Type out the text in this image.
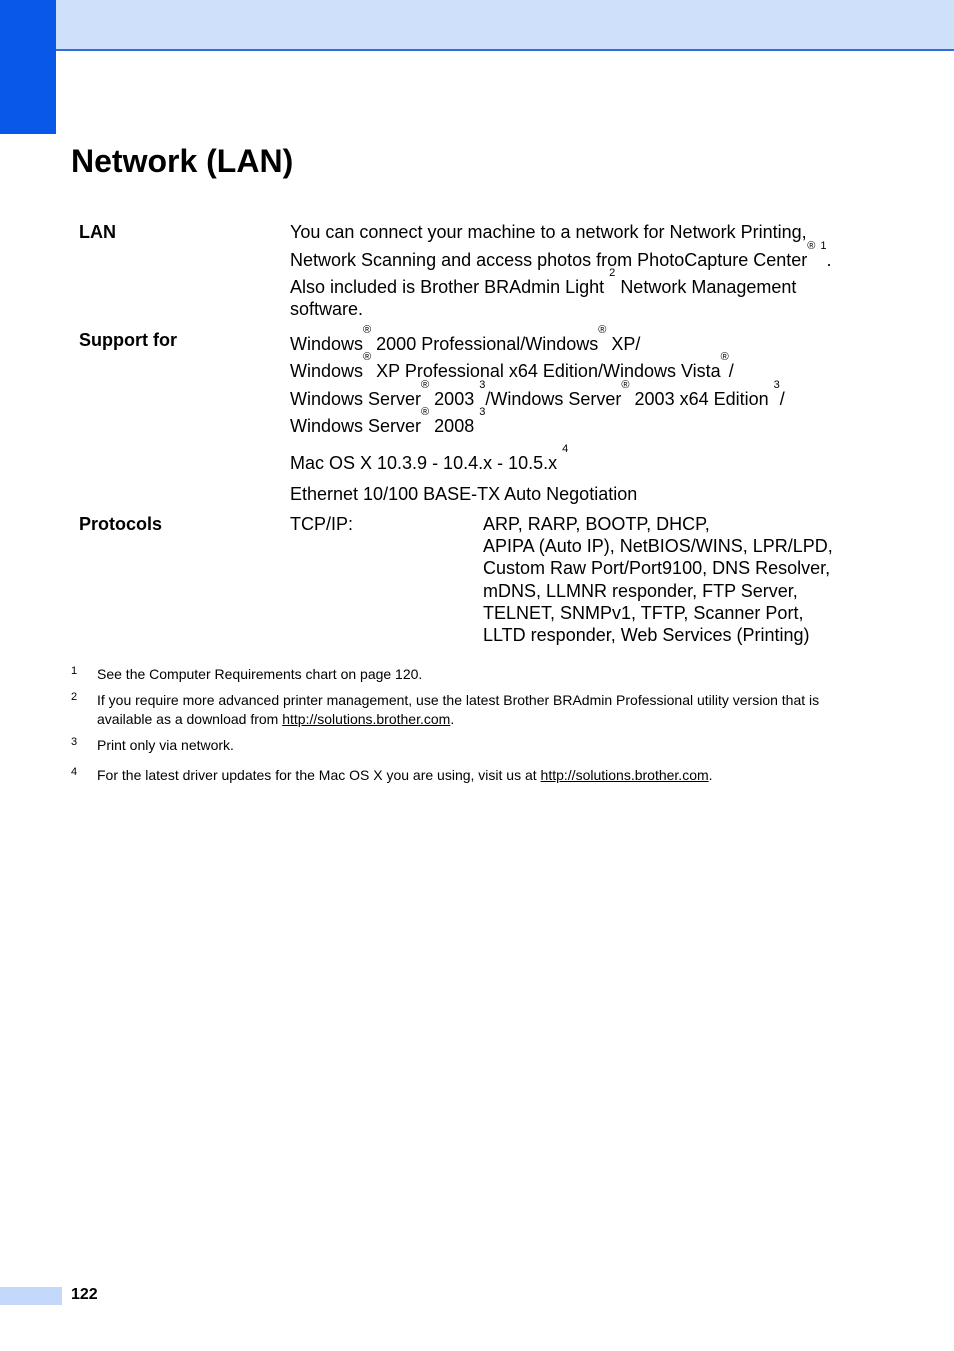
Network (LAN)
LAN	You can connect your machine to a network for Network Printing,
Network Scanning and access photos from PhotoCapture Center® $^1$.
Also included is Brother BRAdmin Light $^2$ Network Management
software.
Support for	Windows® 2000 Professional/Windows® XP/
Windows® XP Professional x64 Edition/Windows Vista®/
Windows Server® 2003 $^3$/Windows Server® 2003 x64 Edition $^3$/
Windows Server® 2008 $^3$
Mac OS X 10.3.9 - 10.4.x - 10.5.x $^4$
Ethernet 10/100 BASE-TX Auto Negotiation
Protocols	TCP/IP:	ARP, RARP, BOOTP, DHCP,
APIPA (Auto IP), NetBIOS/WINS, LPR/LPD,
Custom Raw Port/Port9100, DNS Resolver,
mDNS, LLMNR responder, FTP Server,
TELNET, SNMPv1, TFTP, Scanner Port,
LLTD responder, Web Services (Printing)
1 See the Computer Requirements chart on page 120.
2 If you require more advanced printer management, use the latest Brother BRAdmin Professional utility version that is
available as a download from http://solutions.brother.com.
3 Print only via network.
4 For the latest driver updates for the Mac OS X you are using, visit us at http://solutions.brother.com.
122
